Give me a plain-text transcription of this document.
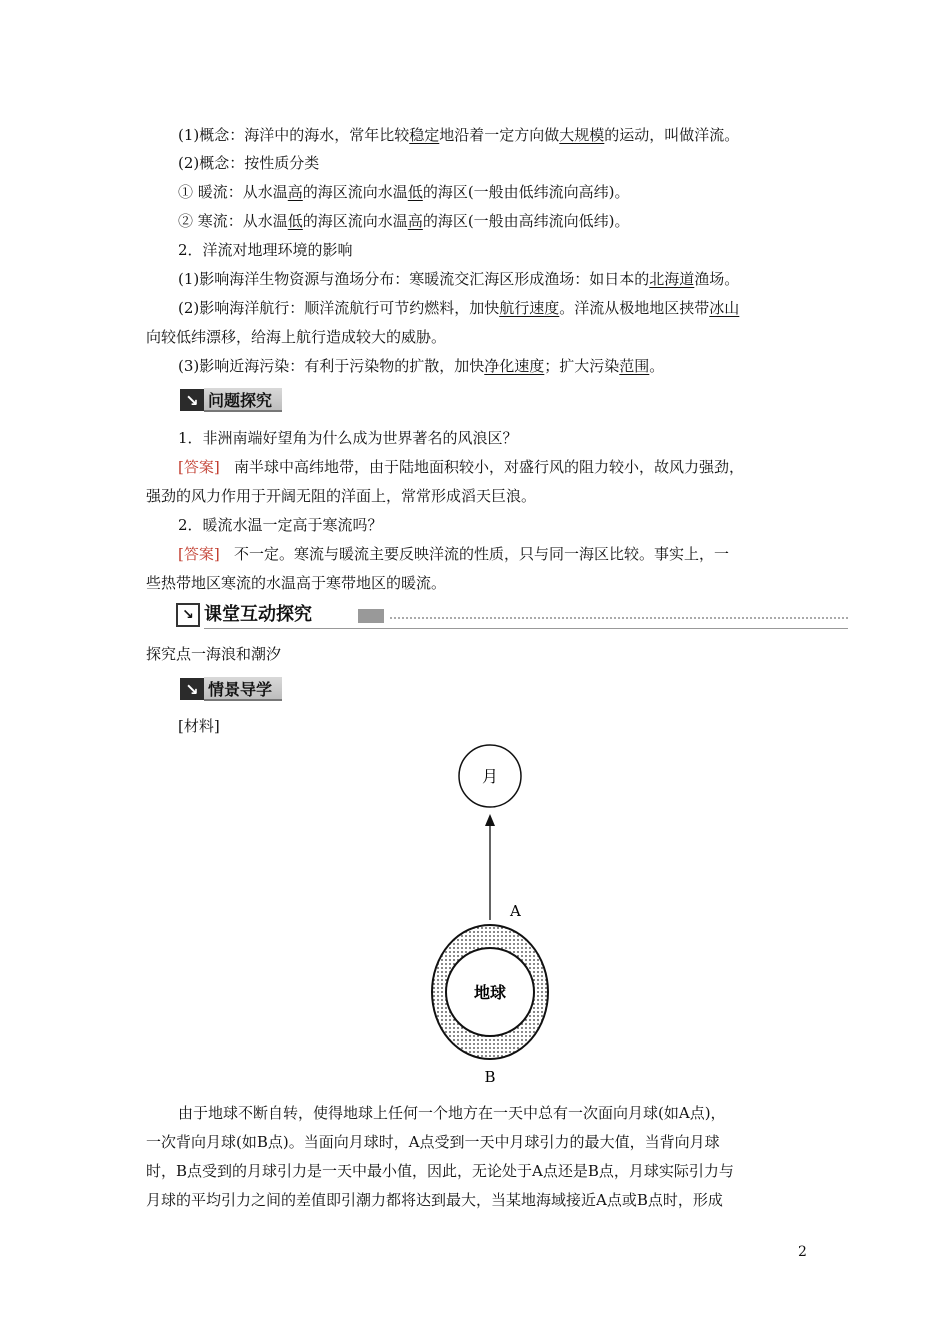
(1)概念：海洋中的海水，常年比较稳定地沿着一定方向做大规模的运动，叫做洋流。
(2)概念：按性质分类
① 暖流：从水温高的海区流向水温低的海区(一般由低纬流向高纬)。
② 寒流：从水温低的海区流向水温高的海区(一般由高纬流向低纬)。
2．洋流对地理环境的影响
(1)影响海洋生物资源与渔场分布：寒暖流交汇海区形成渔场：如日本的北海道渔场。
(2)影响海洋航行：顺洋流航行可节约燃料，加快航行速度。洋流从极地地区挟带冰山
向较低纬漂移，给海上航行造成较大的威胁。
(3)影响近海污染：有利于污染物的扩散，加快净化速度；扩大污染范围。
↘ 问题探究
1．非洲南端好望角为什么成为世界著名的风浪区？
[答案] 南半球中高纬地带，由于陆地面积较小，对盛行风的阻力较小，故风力强劲，
强劲的风力作用于开阔无阻的洋面上，常常形成滔天巨浪。
2．暖流水温一定高于寒流吗？
[答案] 不一定。寒流与暖流主要反映洋流的性质，只与同一海区比较。事实上，一
些热带地区寒流的水温高于寒带地区的暖流。
↘ 课堂互动探究
探究点一海浪和潮汐
↘ 情景导学
[材料]
月
A
地球
B
由于地球不断自转，使得地球上任何一个地方在一天中总有一次面向月球(如A点)，
一次背向月球(如B点)。当面向月球时，A点受到一天中月球引力的最大值，当背向月球
时，B点受到的月球引力是一天中最小值，因此，无论处于A点还是B点，月球实际引力与
月球的平均引力之间的差值即引潮力都将达到最大，当某地海域接近A点或B点时，形成
2
